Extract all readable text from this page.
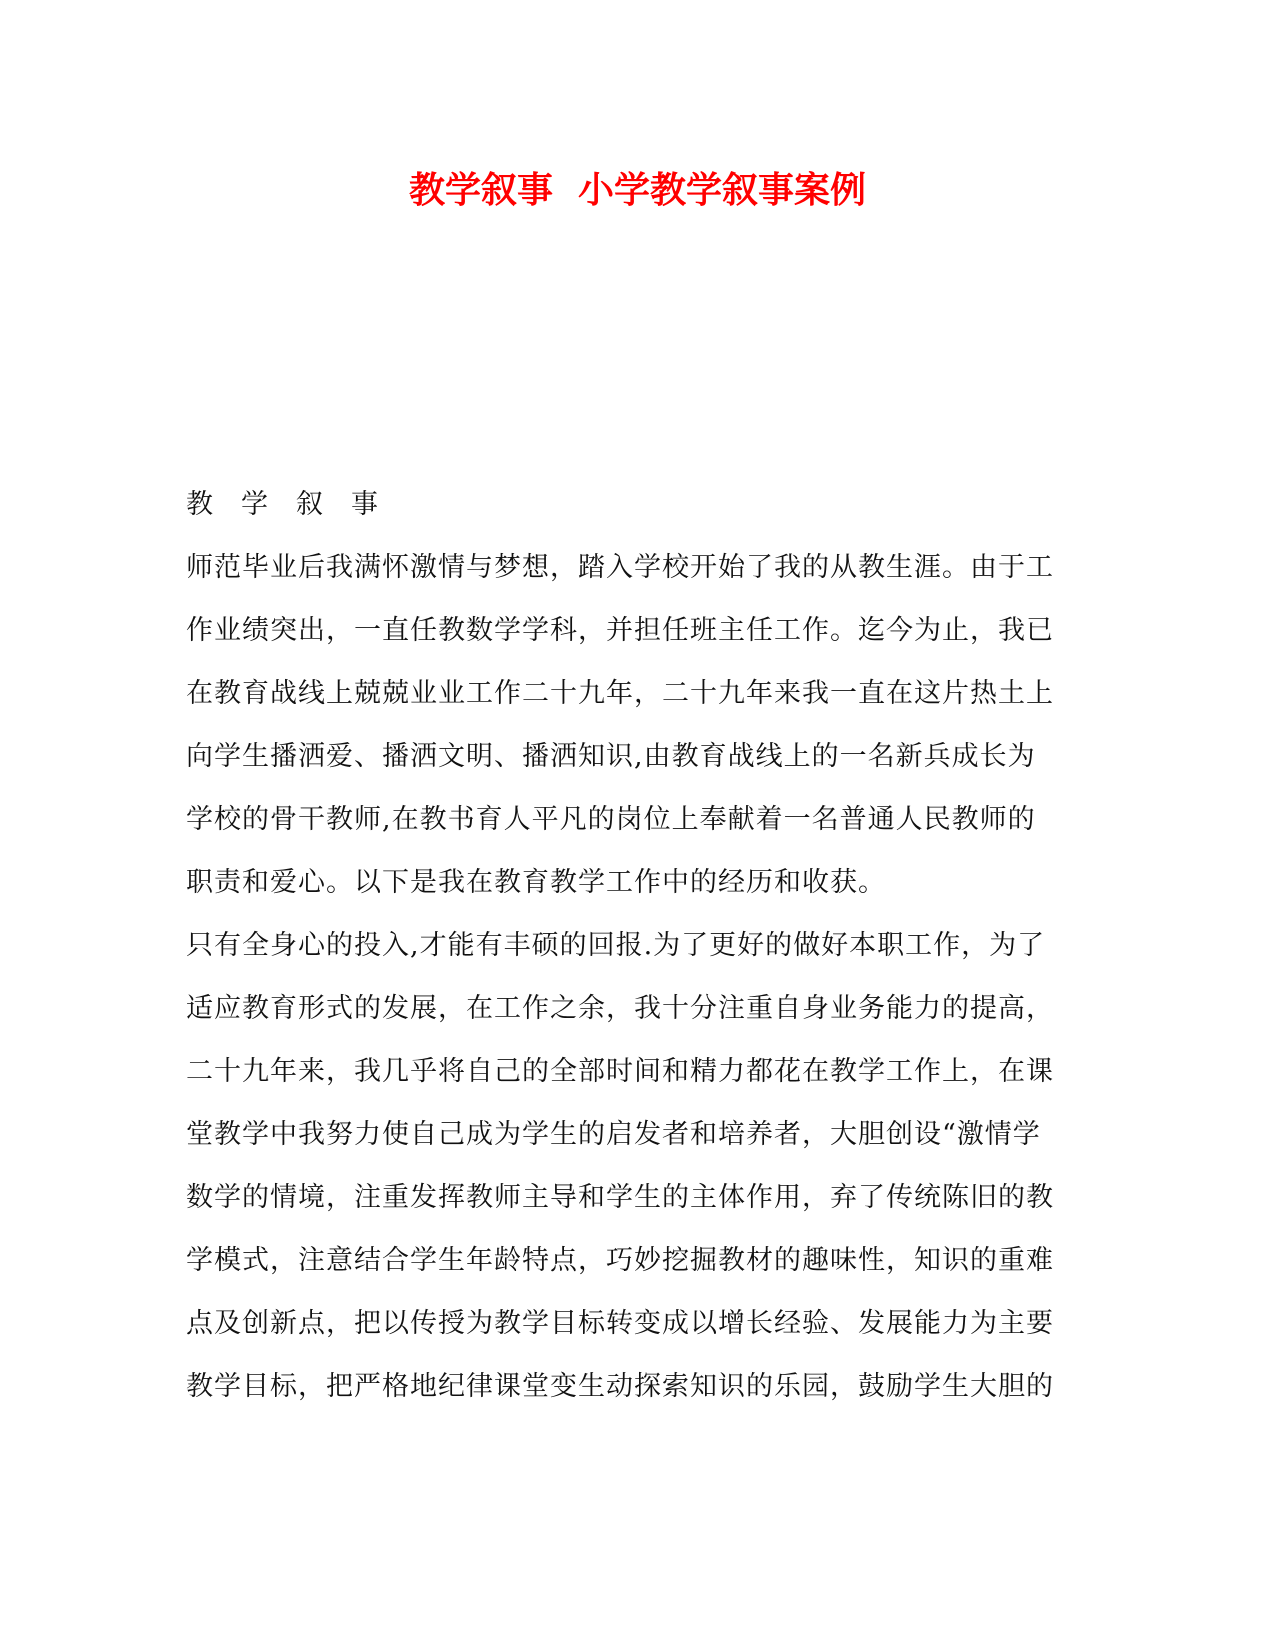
教学叙事  小学教学叙事案例
教学叙事
师范毕业后我满怀激情与梦想，踏入学校开始了我的从教生涯。由于工
作业绩突出，一直任教数学学科，并担任班主任工作。迄今为止，我已
在教育战线上兢兢业业工作二十九年，二十九年来我一直在这片热土上
向学生播洒爱、播洒文明、播洒知识,由教育战线上的一名新兵成长为
学校的骨干教师,在教书育人平凡的岗位上奉献着一名普通人民教师的
职责和爱心。以下是我在教育教学工作中的经历和收获。
只有全身心的投入,才能有丰硕的回报.为了更好的做好本职工作，为了
适应教育形式的发展，在工作之余，我十分注重自身业务能力的提高，
二十九年来，我几乎将自己的全部时间和精力都花在教学工作上，在课
堂教学中我努力使自己成为学生的启发者和培养者，大胆创设“激情学
数学的情境，注重发挥教师主导和学生的主体作用，弃了传统陈旧的教
学模式，注意结合学生年龄特点，巧妙挖掘教材的趣味性，知识的重难
点及创新点，把以传授为教学目标转变成以增长经验、发展能力为主要
教学目标，把严格地纪律课堂变生动探索知识的乐园，鼓励学生大胆的
